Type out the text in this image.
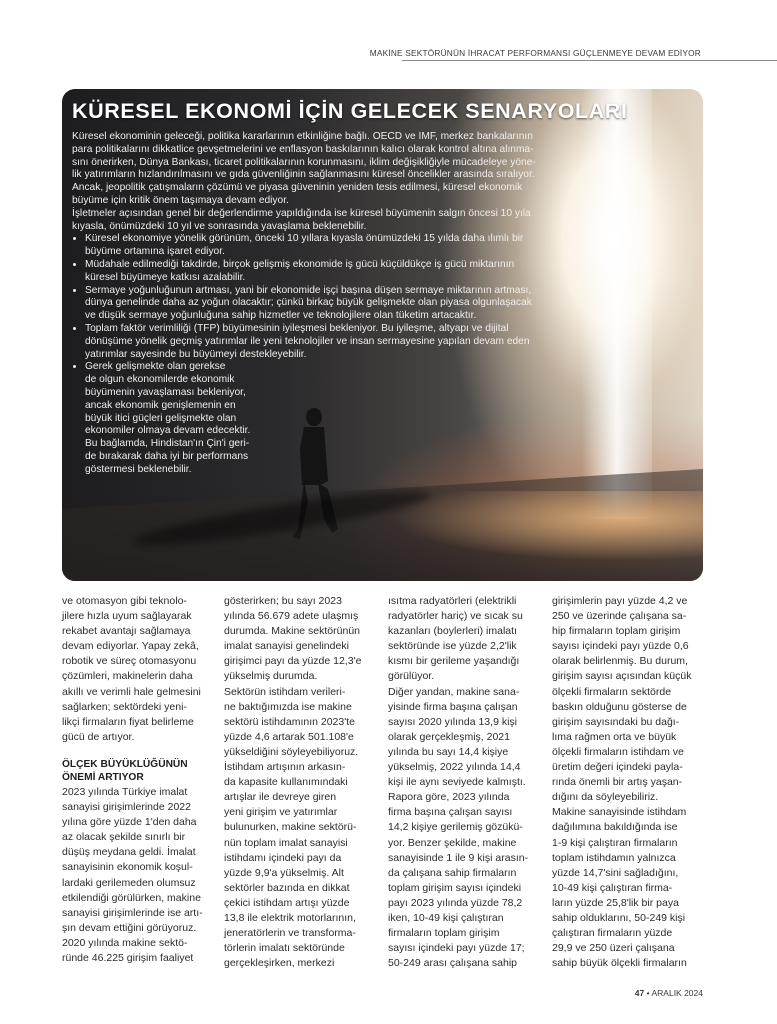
MAKİNE SEKTÖRÜNÜN İHRACAT PERFORMANSI GÜÇLENMEYE DEVAM EDİYOR
KÜRESEL EKONOMİ İÇİN GELECEK SENARYOLARI

Küresel ekonominin geleceği, politika kararlarının etkinliğine bağlı. OECD ve IMF, merkez bankalarının
para politikalarını dikkatlice gevşetmelerini ve enflasyon baskılarının kalıcı olarak kontrol altına alınma-
sını önerirken, Dünya Bankası, ticaret politikalarının korunmasını, iklim değişikliğiyle mücadeleye yöne-
lik yatırımların hızlandırılmasını ve gıda güvenliğinin sağlanmasını küresel öncelikler arasında sıralıyor.
Ancak, jeopolitik çatışmaların çözümü ve piyasa güveninin yeniden tesis edilmesi, küresel ekonomik
büyüme için kritik önem taşımaya devam ediyor.

İşletmeler açısından genel bir değerlendirme yapıldığında ise küresel büyümenin salgın öncesi 10 yıla
kıyasla, önümüzdeki 10 yıl ve sonrasında yavaşlama beklenebilir.

• Küresel ekonomiye yönelik görünüm, önceki 10 yıllara kıyasla önümüzdeki 15 yılda daha ılımlı bir
büyüme ortamına işaret ediyor.
• Müdahale edilmediği takdirde, birçok gelişmiş ekonomide iş gücü küçüldükçe iş gücü miktarının
küresel büyümeye katkısı azalabilir.
• Sermaye yoğunluğunun artması, yani bir ekonomide işçi başına düşen sermaye miktarının artması,
dünya genelinde daha az yoğun olacaktır; çünkü birkaç büyük gelişmekte olan piyasa olgunlaşacak
ve düşük sermaye yoğunluğuna sahip hizmetler ve teknolojilere olan tüketim artacaktır.
• Toplam faktör verimliliği (TFP) büyümesinin iyileşmesi bekleniyor. Bu iyileşme, altyapı ve dijital
dönüşüme yönelik geçmiş yatırımlar ile yeni teknolojiler ve insan sermayesine yapılan devam eden
yatırımlar sayesinde bu büyümeyi destekleyebilir.
• Gerek gelişmekte olan gerekse
de olgun ekonomilerde ekonomik
büyümenin yavaşlaması bekleniyor,
ancak ekonomik genişlemenin en
büyük itici güçleri gelişmekte olan
ekonomiler olmaya devam edecektir.
Bu bağlamda, Hindistan'ın Çin'i geri-
de bırakarak daha iyi bir performans
göstermesi beklenebilir.

ve otomasyon gibi teknolo-
jilere hızla uyum sağlayarak
rekabet avantajı sağlamaya
devam ediyorlar. Yapay zekâ,
robotik ve süreç otomasyonu
çözümleri, makinelerin daha
akıllı ve verimli hale gelmesini
sağlarken; sektördeki yeni-
likçi firmaların fiyat belirleme
gücü de artıyor.

ÖLÇEK BÜYÜKLÜĞÜNÜN
ÖNEMİ ARTIYOR

2023 yılında Türkiye imalat
sanayisi girişimlerinde 2022
yılına göre yüzde 1'den daha
az olacak şekilde sınırlı bir
düşüş meydana geldi. İmalat
sanayisinin ekonomik koşul-
lardaki gerilemeden olumsuz
etkilendiği görülürken, makine
sanayisi girişimlerinde ise artı-
şın devam ettiğini görüyoruz.
2020 yılında makine sektö-
ründe 46.225 girişim faaliyet

gösterirken; bu sayı 2023
yılında 56.679 adete ulaşmış
durumda. Makine sektörünün
imalat sanayisi genelindeki
girişimci payı da yüzde 12,3'e
yükselmiş durumda.

Sektörün istihdam verileri-
ne baktığımızda ise makine
sektörü istihdamının 2023'te
yüzde 4,6 artarak 501.108'e
yükseldiğini söyleyebiliyoruz.
İstihdam artışının arkasın-
da kapasite kullanımındaki
artışlar ile devreye giren
yeni girişim ve yatırımlar
bulunurken, makine sektörü-
nün toplam imalat sanayisi
istihdamı içindeki payı da
yüzde 9,9'a yükselmiş. Alt
sektörler bazında en dikkat
çekici istihdam artışı yüzde
13,8 ile elektrik motorlarının,
jeneratörlerin ve transforma-
törlerin imalatı sektöründe
gerçekleşirken, merkezi

ısıtma radyatörleri (elektrikli
radyatörler hariç) ve sıcak su
kazanları (boylerleri) imalatı
sektöründe ise yüzde 2,2'lik
kısmı bir gerileme yaşandığı
görülüyor.

Diğer yandan, makine sana-
yisinde firma başına çalışan
sayısı 2020 yılında 13,9 kişi
olarak gerçekleşmiş, 2021
yılında bu sayı 14,4 kişiye
yükselmiş, 2022 yılında 14,4
kişi ile aynı seviyede kalmıştı.
Rapora göre, 2023 yılında
firma başına çalışan sayısı
14,2 kişiye gerilemiş gözükü-
yor. Benzer şekilde, makine
sanayisinde 1 ile 9 kişi arasın-
da çalışana sahip firmaların
toplam girişim sayısı içindeki
payı 2023 yılında yüzde 78,2
iken, 10-49 kişi çalıştıran
firmaların toplam girişim
sayısı içindeki payı yüzde 17;
50-249 arası çalışana sahip

girişimlerin payı yüzde 4,2 ve
250 ve üzerinde çalışana sa-
hip firmaların toplam girişim
sayısı içindeki payı yüzde 0,6
olarak belirlenmiş. Bu durum,
girişim sayısı açısından küçük
ölçekli firmaların sektörde
baskın olduğunu gösterse de
girişim sayısındaki bu dağı-
lıma rağmen orta ve büyük
ölçekli firmaların istihdam ve
üretim değeri içindeki payla-
rında önemli bir artış yaşan-
dığını da söyleyebiliriz.

Makine sanayisinde istihdam
dağılımına bakıldığında ise
1-9 kişi çalıştıran firmaların
toplam istihdamın yalnızca
yüzde 14,7'sini sağladığını,
10-49 kişi çalıştıran firma-
ların yüzde 25,8'lik bir paya
sahip olduklarını, 50-249 kişi
çalıştıran firmaların yüzde
29,9 ve 250 üzeri çalışana
sahip büyük ölçekli firmaların

47 • ARALIK 2024
